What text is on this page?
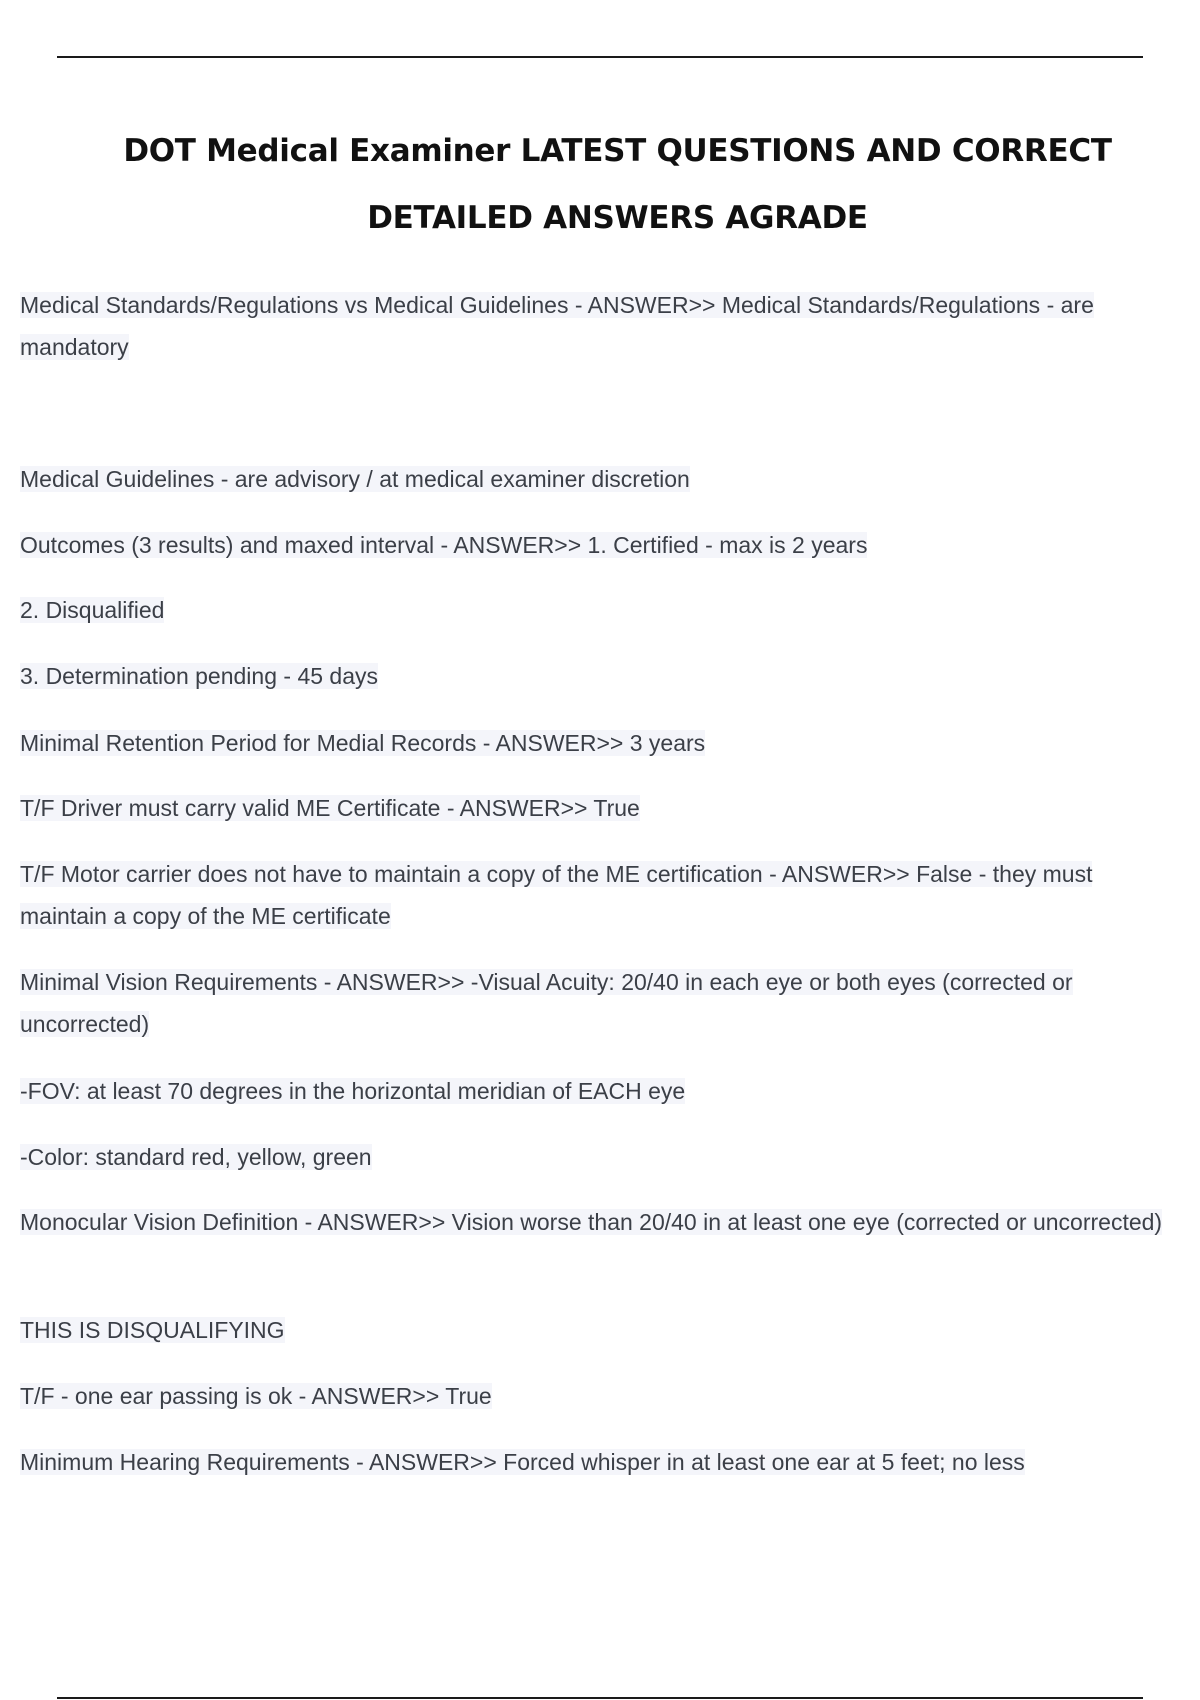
DOT Medical Examiner LATEST QUESTIONS AND CORRECT DETAILED ANSWERS AGRADE

Medical Standards/Regulations vs Medical Guidelines - ANSWER>> Medical Standards/Regulations - are mandatory

Medical Guidelines - are advisory / at medical examiner discretion

Outcomes (3 results) and maxed interval - ANSWER>> 1. Certified - max is 2 years

2. Disqualified

3. Determination pending - 45 days

Minimal Retention Period for Medial Records - ANSWER>> 3 years

T/F Driver must carry valid ME Certificate - ANSWER>> True

T/F Motor carrier does not have to maintain a copy of the ME certification - ANSWER>> False - they must maintain a copy of the ME certificate

Minimal Vision Requirements - ANSWER>> -Visual Acuity: 20/40 in each eye or both eyes (corrected or uncorrected)

-FOV: at least 70 degrees in the horizontal meridian of EACH eye

-Color: standard red, yellow, green

Monocular Vision Definition - ANSWER>> Vision worse than 20/40 in at least one eye (corrected or uncorrected)

THIS IS DISQUALIFYING

T/F - one ear passing is ok - ANSWER>> True

Minimum Hearing Requirements - ANSWER>> Forced whisper in at least one ear at 5 feet; no less
